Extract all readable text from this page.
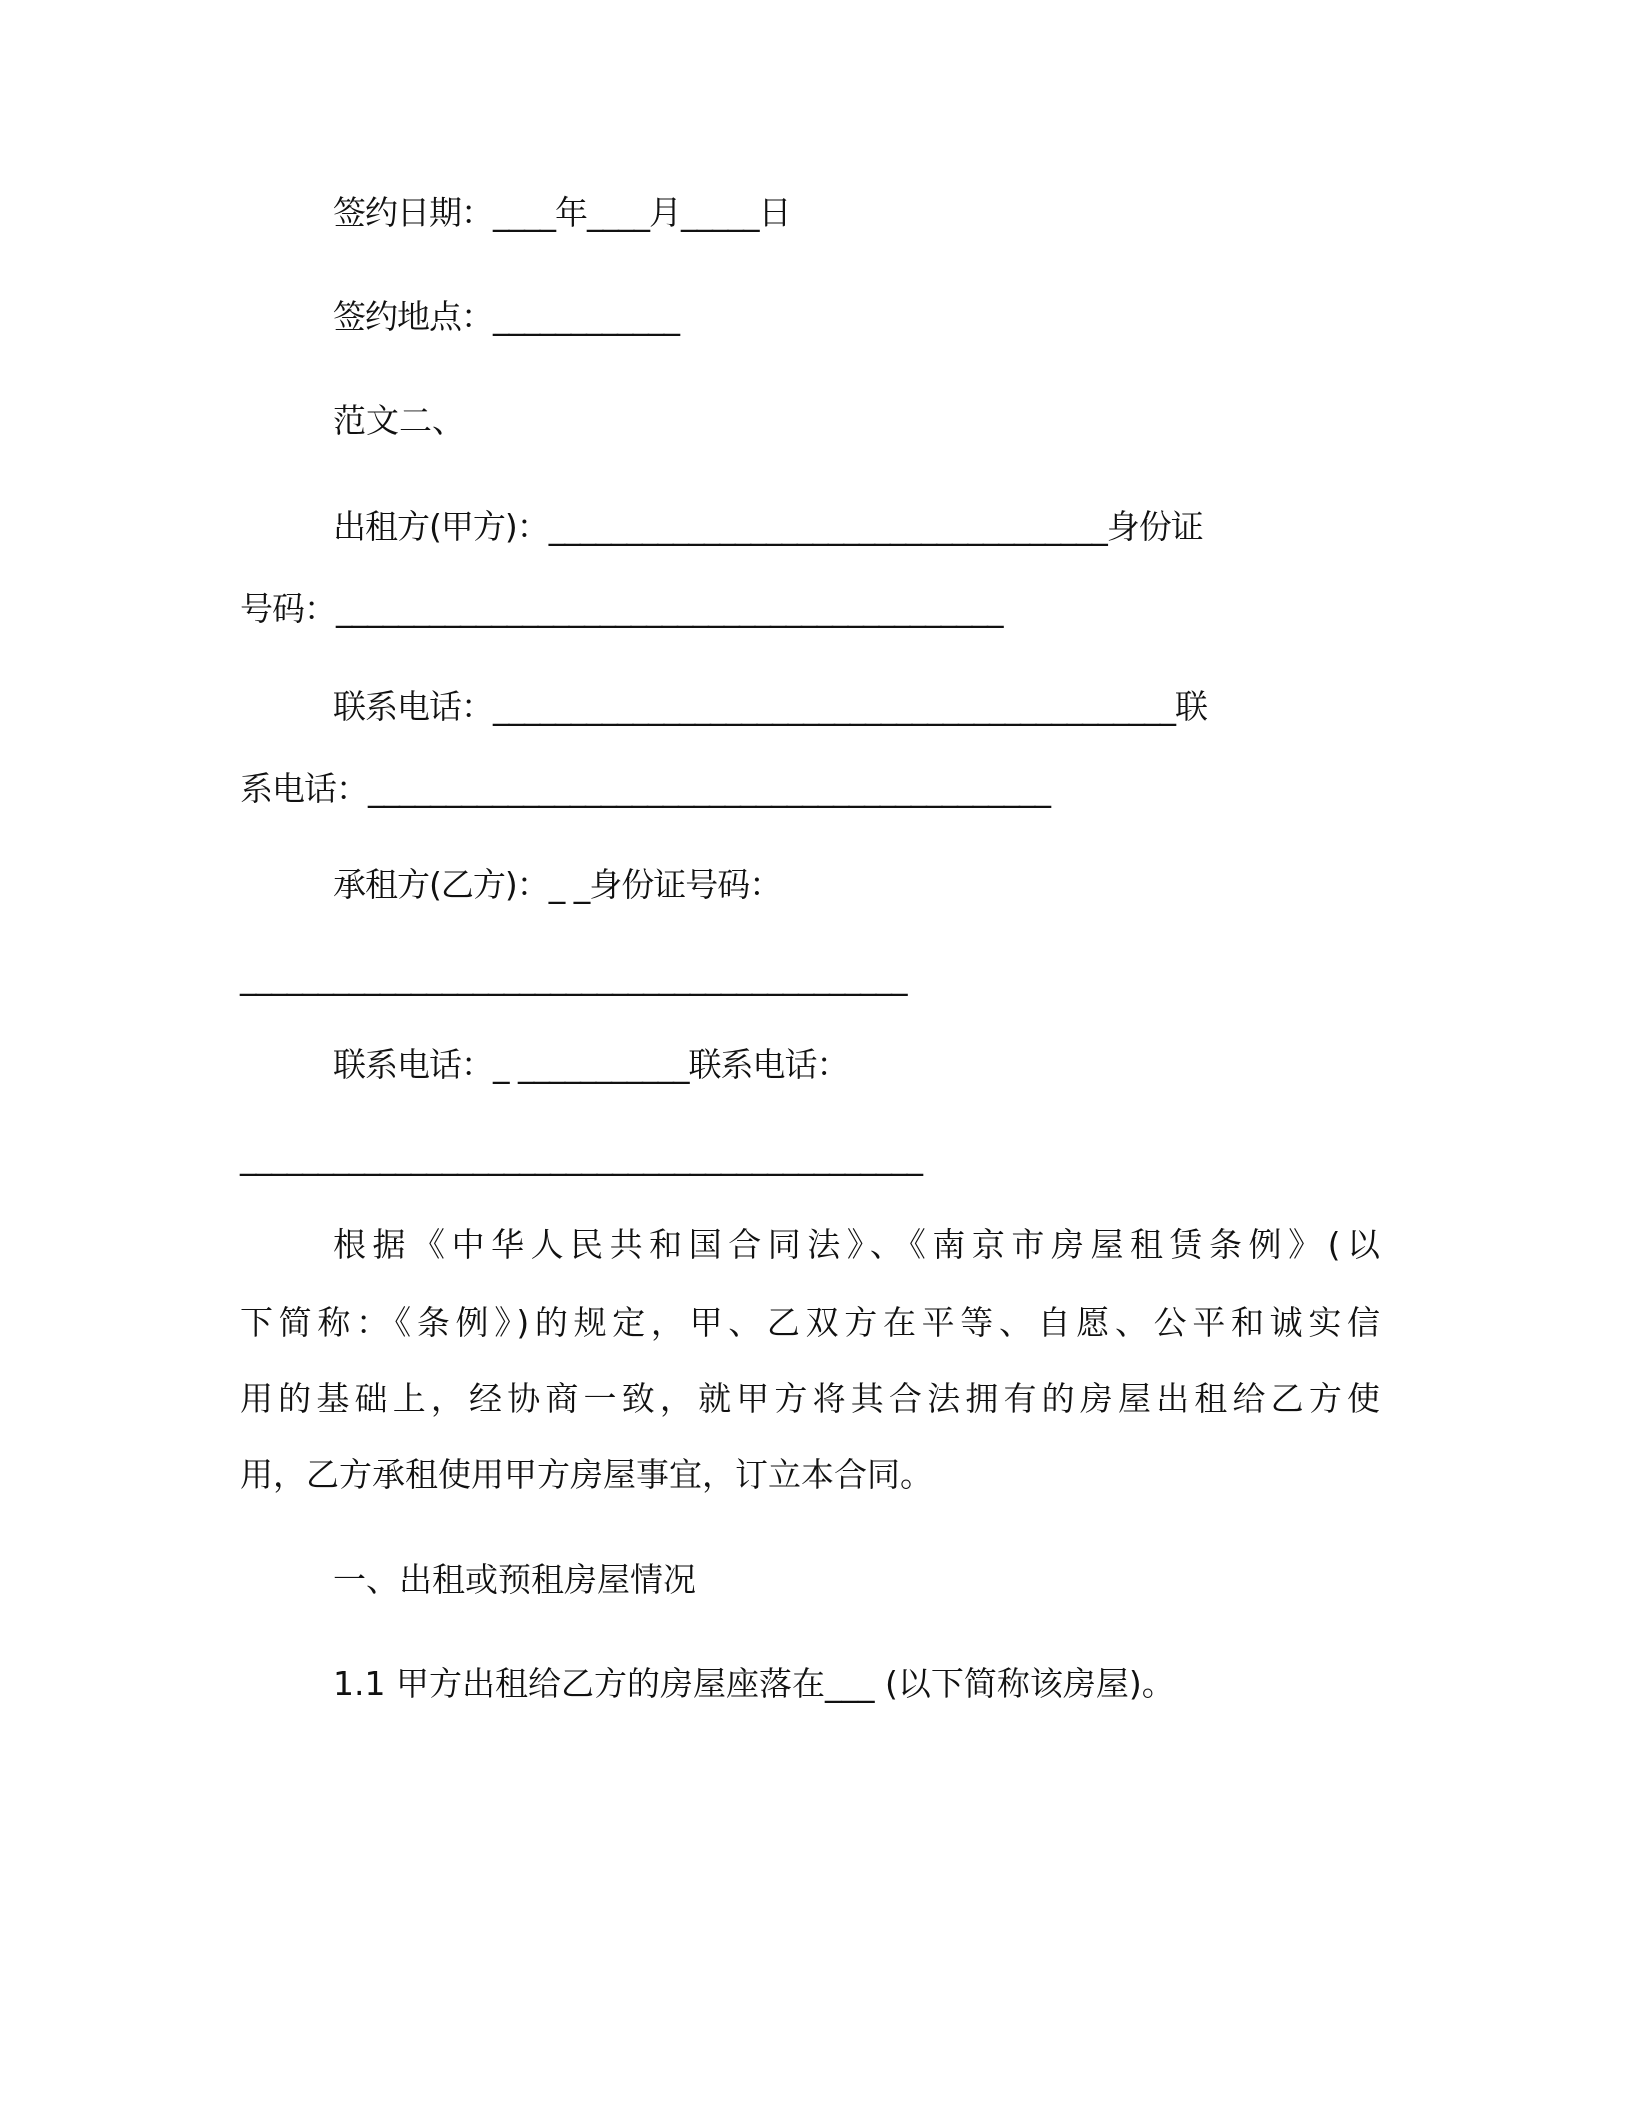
签约日期：____年____月_____日
签约地点：____________
范文二、
出租方(甲方)：____________________________________身份证
号码：___________________________________________
联系电话：____________________________________________联
系电话：____________________________________________
承租方(乙方)：_ _身份证号码：
___________________________________________
联系电话：_ ___________联系电话：
____________________________________________
根据《中华人民共和国合同法》、《南京市房屋租赁条例》(以
下简称：《条例》)的规定，甲、乙双方在平等、自愿、公平和诚实信
用的基础上，经协商一致，就甲方将其合法拥有的房屋出租给乙方使
用，乙方承租使用甲方房屋事宜，订立本合同。
一、出租或预租房屋情况
1.1 甲方出租给乙方的房屋座落在___ (以下简称该房屋)。
